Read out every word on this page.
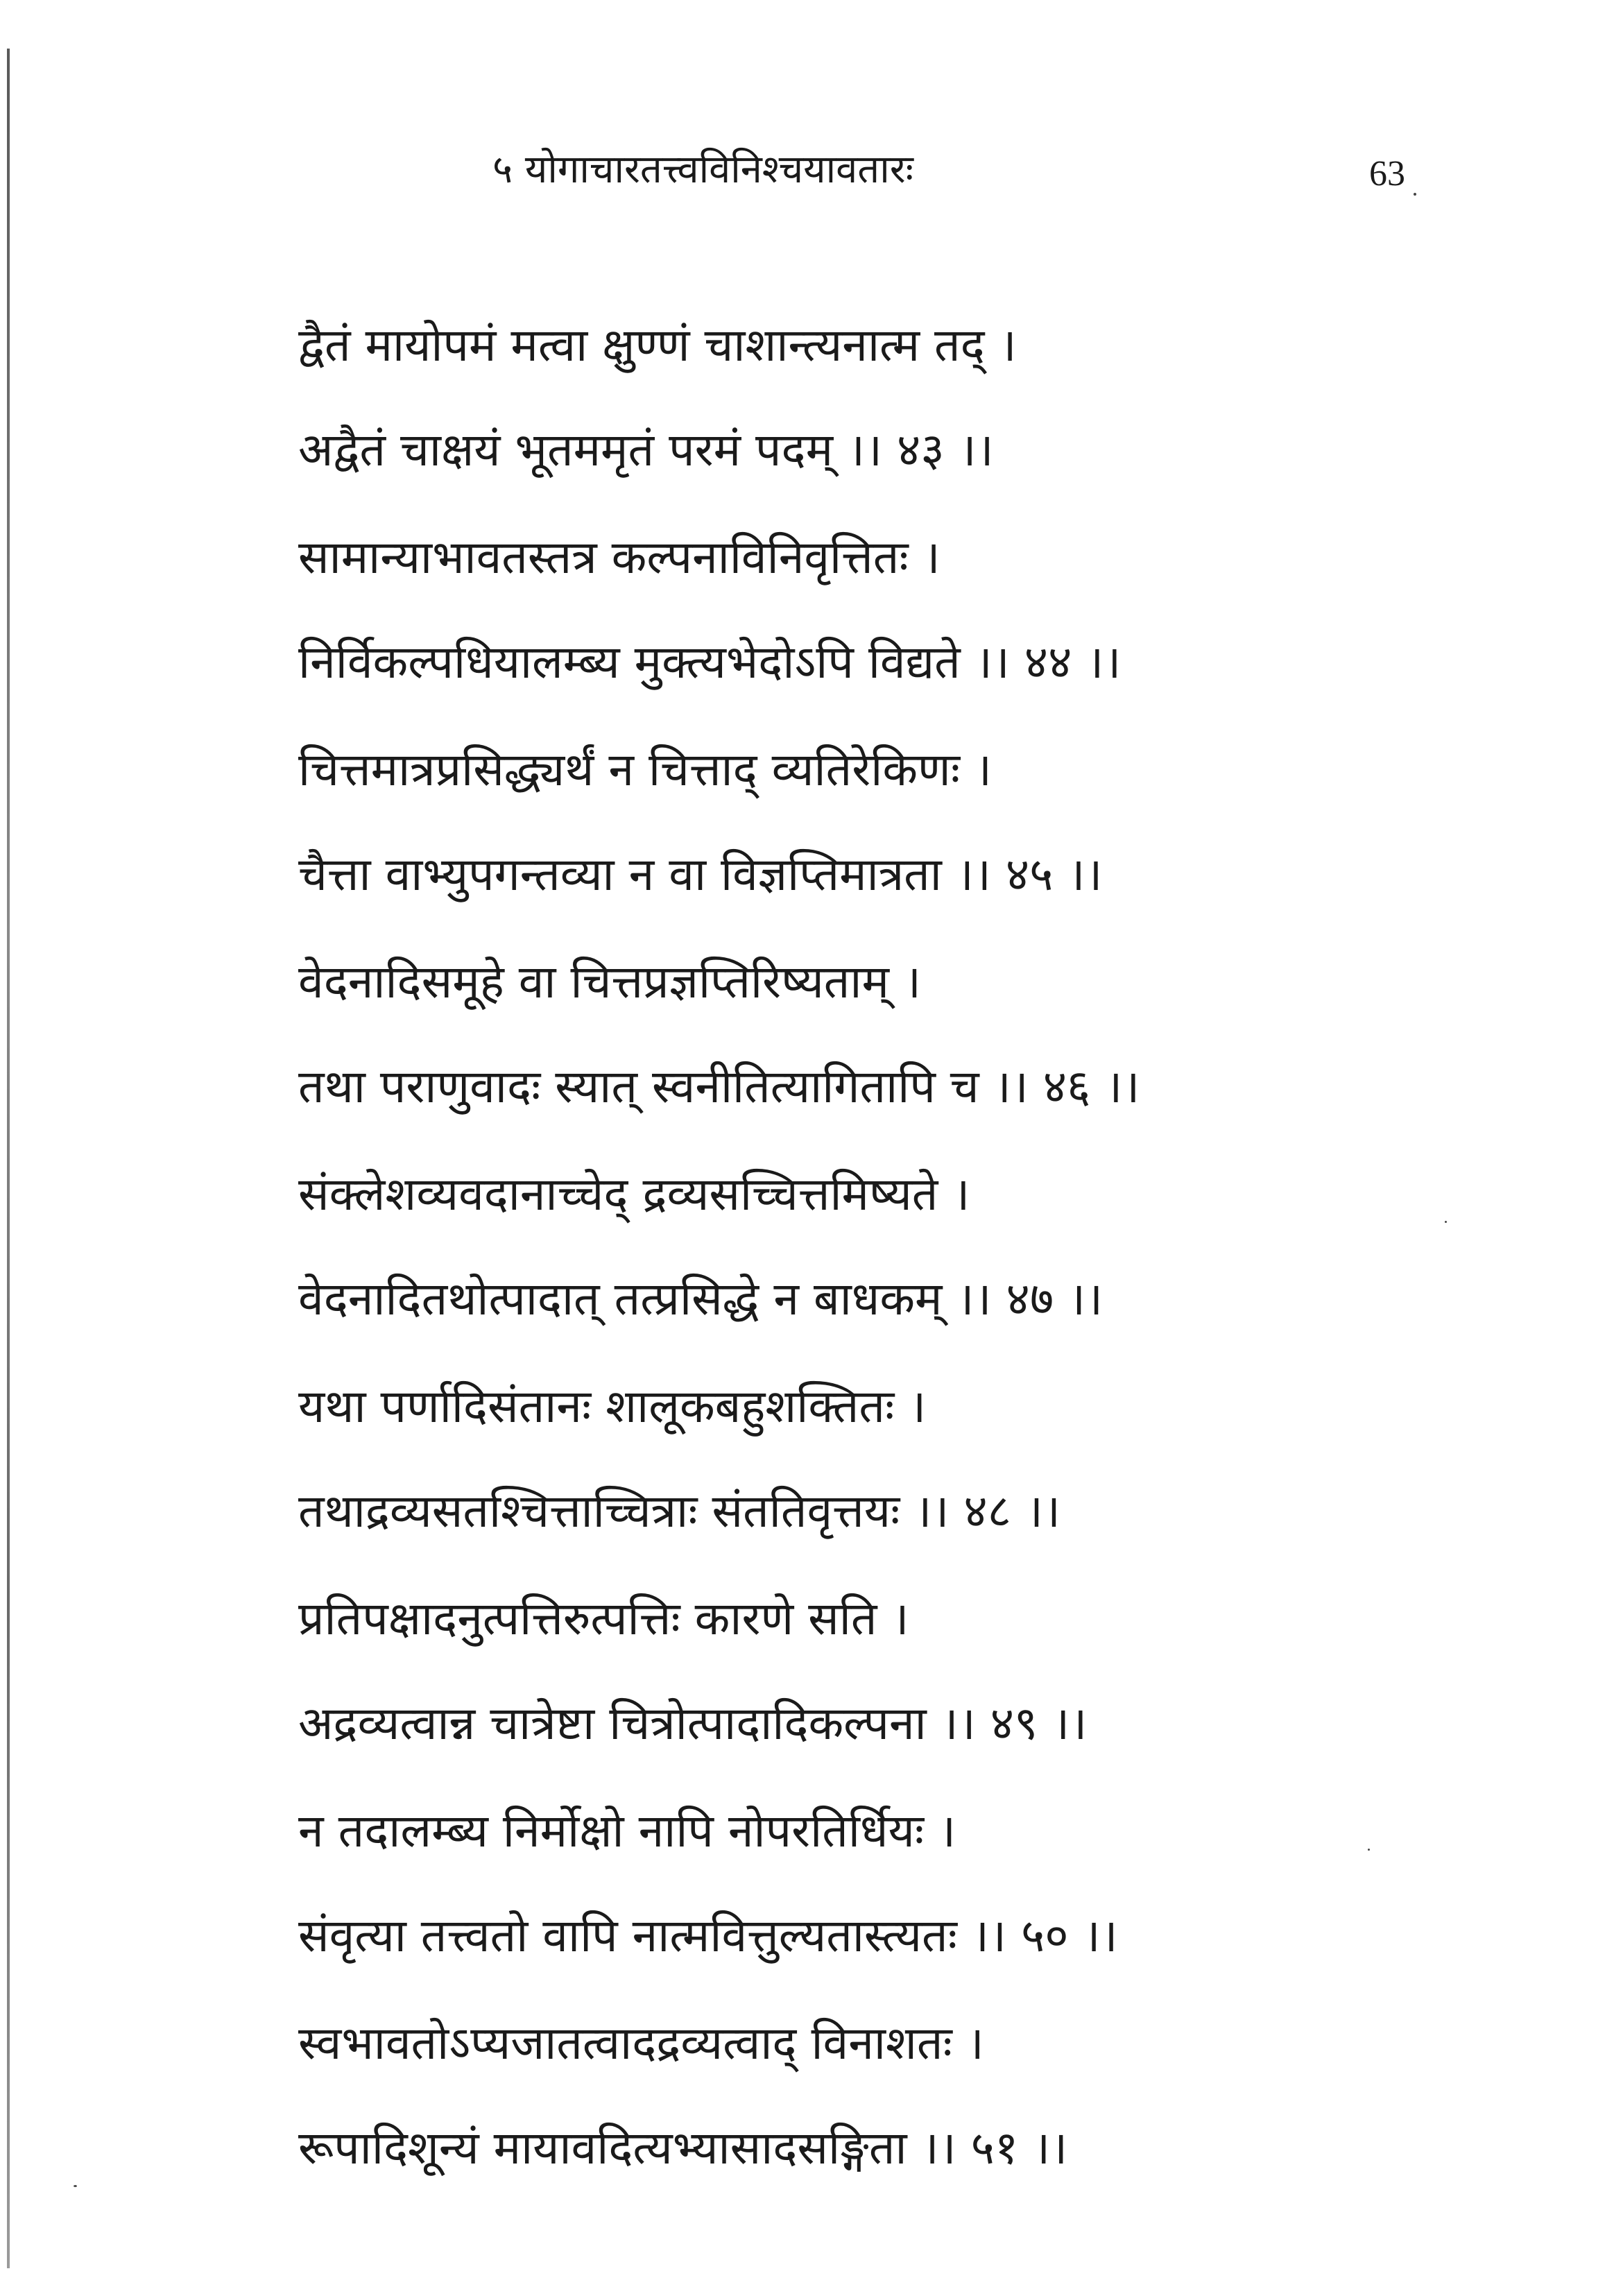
५ योगाचारतत्त्वविनिश्चयावतारः	63
द्वैतं मायोपमं मत्वा क्षुण्णं चाशान्त्यनात्म तद् ।
अद्वैतं चाक्षयं भूतममृतं परमं पदम् ।। ४३ ।।
सामान्याभावतस्तत्र कल्पनाविनिवृत्तितः ।
निर्विकल्पधियालम्ब्य मुक्त्यभेदोऽपि विद्यते ।। ४४ ।।
चित्तमात्रप्रसिद्ध्यर्थं न चित्ताद् व्यतिरेकिणः ।
चैत्ता वाभ्युपगन्तव्या न वा विज्ञप्तिमात्रता ।। ४५ ।।
वेदनादिसमूहे वा चित्तप्रज्ञप्तिरिष्यताम् ।
तथा पराणुवादः स्यात् स्वनीतित्यागितापि च ।। ४६ ।।
संक्लेशव्यवदानाच्चेद् द्रव्यसच्चित्तमिष्यते ।
वेदनादितथोत्पादात् तत्प्रसिद्धे न बाधकम् ।। ४७ ।।
यथा पर्णादिसंतानः शालूकबहुशक्तितः ।
तथाद्रव्यसतश्चित्ताच्चित्राः संततिवृत्तयः ।। ४८ ।।
प्रतिपक्षादनुत्पत्तिरुत्पत्तिः कारणे सति ।
अद्रव्यत्वान्न चात्रेष्टा चित्रोत्पादादिकल्पना ।। ४९ ।।
न तदालम्ब्य निर्मोक्षो नापि नोपरतिर्धियः ।
संवृत्या तत्त्वतो वापि नात्मवित्तुल्यतास्त्यतः ।। ५० ।।
स्वभावतोऽप्यजातत्वादद्रव्यत्वाद् विनाशतः ।
रूपादिशून्यं मायावदित्यभ्यासादसङ्गिता ।। ५१ ।।
